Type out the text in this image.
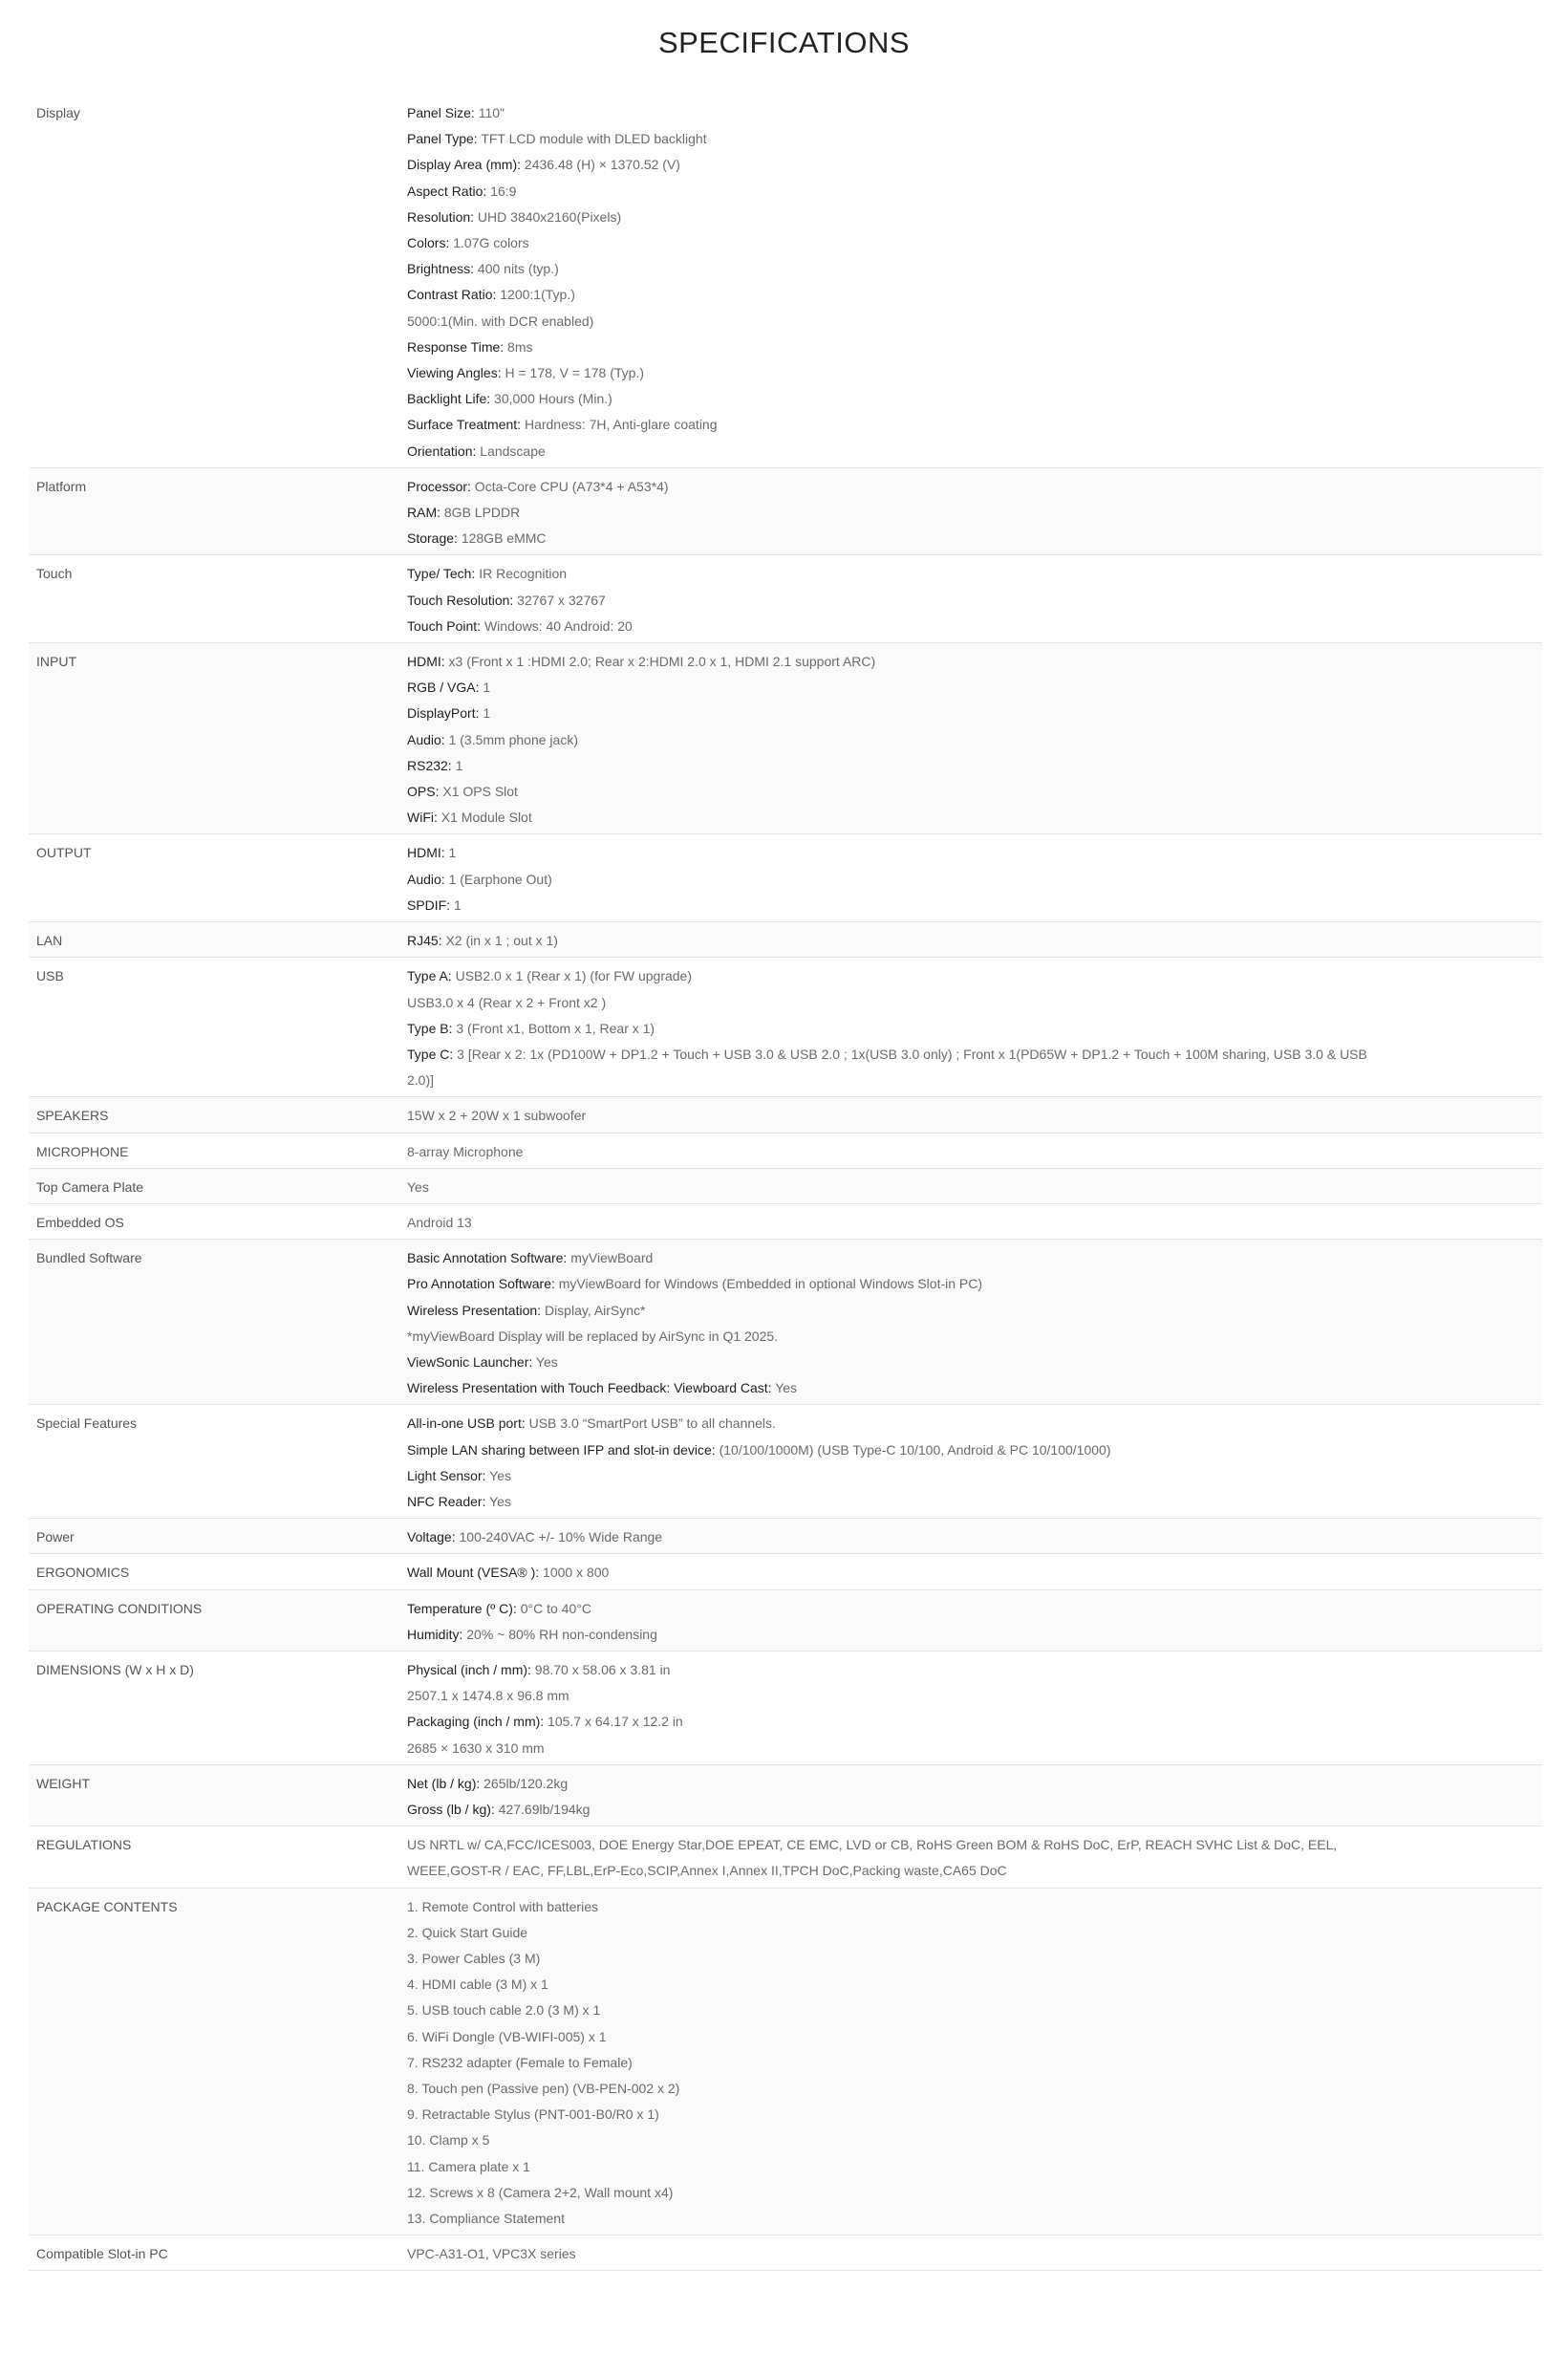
SPECIFICATIONS
Display	Panel Size: 110"
Panel Type: TFT LCD module with DLED backlight
Display Area (mm): 2436.48 (H) × 1370.52 (V)
Aspect Ratio: 16:9
Resolution: UHD 3840x2160(Pixels)
Colors: 1.07G colors
Brightness: 400 nits (typ.)
Contrast Ratio: 1200:1(Typ.)
5000:1(Min. with DCR enabled)
Response Time: 8ms
Viewing Angles: H = 178, V = 178 (Typ.)
Backlight Life: 30,000 Hours (Min.)
Surface Treatment: Hardness: 7H, Anti-glare coating
Orientation: Landscape
Platform	Processor: Octa-Core CPU (A73*4 + A53*4)
RAM: 8GB LPDDR
Storage: 128GB eMMC
Touch	Type/ Tech: IR Recognition
Touch Resolution: 32767 x 32767
Touch Point: Windows: 40 Android: 20
INPUT	HDMI: x3 (Front x 1 :HDMI 2.0; Rear x 2:HDMI 2.0 x 1, HDMI 2.1 support ARC)
RGB / VGA: 1
DisplayPort: 1
Audio: 1 (3.5mm phone jack)
RS232: 1
OPS: X1 OPS Slot
WiFi: X1 Module Slot
OUTPUT	HDMI: 1
Audio: 1 (Earphone Out)
SPDIF: 1
LAN	RJ45: X2 (in x 1 ; out x 1)
USB	Type A: USB2.0 x 1 (Rear x 1) (for FW upgrade)
USB3.0 x 4 (Rear x 2 + Front x2 )
Type B: 3 (Front x1, Bottom x 1, Rear x 1)
Type C: 3 [Rear x 2: 1x (PD100W + DP1.2 + Touch + USB 3.0 & USB 2.0 ; 1x(USB 3.0 only) ; Front x 1(PD65W + DP1.2 + Touch + 100M sharing, USB 3.0 & USB 2.0)]
SPEAKERS	15W x 2 + 20W x 1 subwoofer
MICROPHONE	8-array Microphone
Top Camera Plate	Yes
Embedded OS	Android 13
Bundled Software	Basic Annotation Software: myViewBoard
Pro Annotation Software: myViewBoard for Windows (Embedded in optional Windows Slot-in PC)
Wireless Presentation: Display, AirSync*
*myViewBoard Display will be replaced by AirSync in Q1 2025.
ViewSonic Launcher: Yes
Wireless Presentation with Touch Feedback: Viewboard Cast: Yes
Special Features	All-in-one USB port: USB 3.0 “SmartPort USB” to all channels.
Simple LAN sharing between IFP and slot-in device: (10/100/1000M) (USB Type-C 10/100, Android & PC 10/100/1000)
Light Sensor: Yes
NFC Reader: Yes
Power	Voltage: 100-240VAC +/- 10% Wide Range
ERGONOMICS	Wall Mount (VESA® ): 1000 x 800
OPERATING CONDITIONS	Temperature (º C): 0°C to 40°C
Humidity: 20% ~ 80% RH non-condensing
DIMENSIONS (W x H x D)	Physical (inch / mm): 98.70 x 58.06 x 3.81 in
2507.1 x 1474.8 x 96.8 mm
Packaging (inch / mm): 105.7 x 64.17 x 12.2 in
2685 × 1630 x 310 mm
WEIGHT	Net (lb / kg): 265lb/120.2kg
Gross (lb / kg): 427.69lb/194kg
REGULATIONS	US NRTL w/ CA,FCC/ICES003, DOE Energy Star,DOE EPEAT, CE EMC, LVD or CB, RoHS Green BOM & RoHS DoC, ErP, REACH SVHC List & DoC, EEL, WEEE,GOST-R / EAC, FF,LBL,ErP-Eco,SCIP,Annex I,Annex II,TPCH DoC,Packing waste,CA65 DoC
PACKAGE CONTENTS	1. Remote Control with batteries
2. Quick Start Guide
3. Power Cables (3 M)
4. HDMI cable (3 M) x 1
5. USB touch cable 2.0 (3 M) x 1
6. WiFi Dongle (VB-WIFI-005) x 1
7. RS232 adapter (Female to Female)
8. Touch pen (Passive pen) (VB-PEN-002 x 2)
9. Retractable Stylus (PNT-001-B0/R0 x 1)
10. Clamp x 5
11. Camera plate x 1
12. Screws x 8 (Camera 2+2, Wall mount x4)
13. Compliance Statement
Compatible Slot-in PC	VPC-A31-O1, VPC3X series
